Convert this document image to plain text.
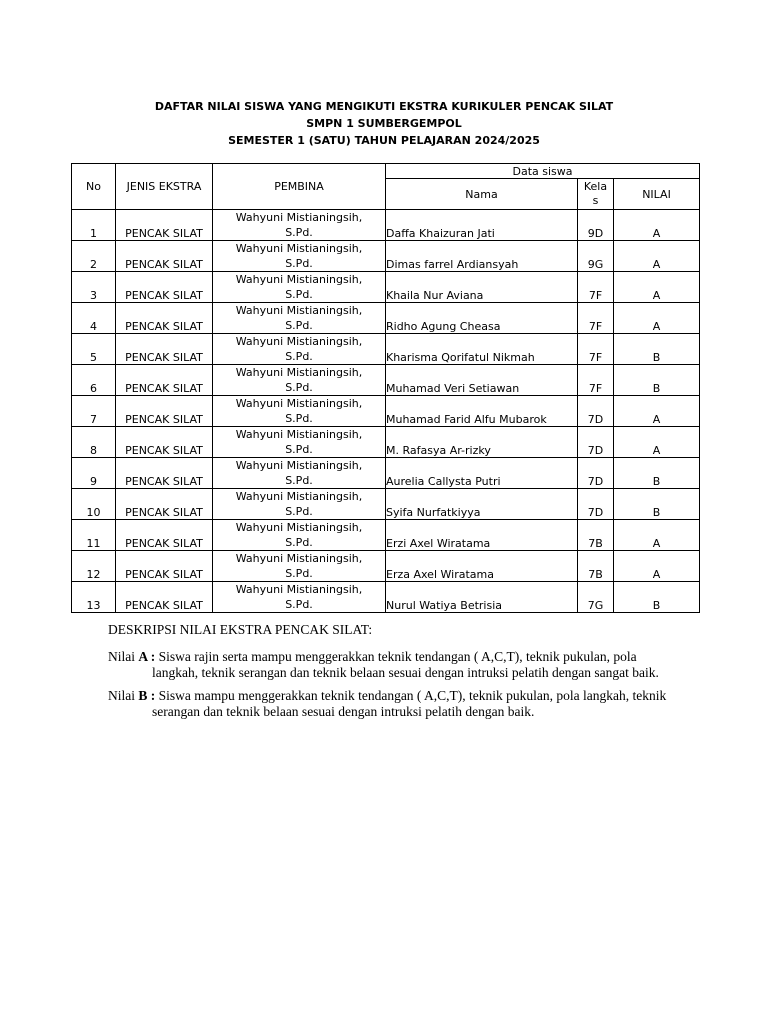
DAFTAR NILAI SISWA YANG MENGIKUTI EKSTRA KURIKULER PENCAK SILAT
SMPN 1 SUMBERGEMPOL
SEMESTER 1 (SATU) TAHUN PELAJARAN 2024/2025
No	JENIS EKSTRA	PEMBINA	Data siswa		
			Nama	Kela
s	NILAI
1	PENCAK SILAT	Wahyuni Mistianingsih,
S.Pd.	Daffa Khaizuran Jati	9D	A
2	PENCAK SILAT	Wahyuni Mistianingsih,
S.Pd.	Dimas farrel Ardiansyah	9G	A
3	PENCAK SILAT	Wahyuni Mistianingsih,
S.Pd.	Khaila Nur Aviana	7F	A
4	PENCAK SILAT	Wahyuni Mistianingsih,
S.Pd.	Ridho Agung Cheasa	7F	A
5	PENCAK SILAT	Wahyuni Mistianingsih,
S.Pd.	Kharisma Qorifatul Nikmah	7F	B
6	PENCAK SILAT	Wahyuni Mistianingsih,
S.Pd.	Muhamad Veri Setiawan	7F	B
7	PENCAK SILAT	Wahyuni Mistianingsih,
S.Pd.	Muhamad Farid Alfu Mubarok	7D	A
8	PENCAK SILAT	Wahyuni Mistianingsih,
S.Pd.	M. Rafasya Ar-rizky	7D	A
9	PENCAK SILAT	Wahyuni Mistianingsih,
S.Pd.	Aurelia Callysta Putri	7D	B
10	PENCAK SILAT	Wahyuni Mistianingsih,
S.Pd.	Syifa Nurfatkiyya	7D	B
11	PENCAK SILAT	Wahyuni Mistianingsih,
S.Pd.	Erzi Axel Wiratama	7B	A
12	PENCAK SILAT	Wahyuni Mistianingsih,
S.Pd.	Erza Axel Wiratama	7B	A
13	PENCAK SILAT	Wahyuni Mistianingsih,
S.Pd.	Nurul Watiya Betrisia	7G	B
DESKRIPSI NILAI EKSTRA PENCAK SILAT:
Nilai A : Siswa rajin serta mampu menggerakkan teknik tendangan ( A,C,T), teknik pukulan, pola langkah, teknik serangan dan teknik belaan sesuai dengan intruksi pelatih dengan sangat baik.
Nilai B : Siswa mampu menggerakkan teknik tendangan ( A,C,T), teknik pukulan, pola langkah, teknik serangan dan teknik belaan sesuai dengan intruksi pelatih dengan baik.
